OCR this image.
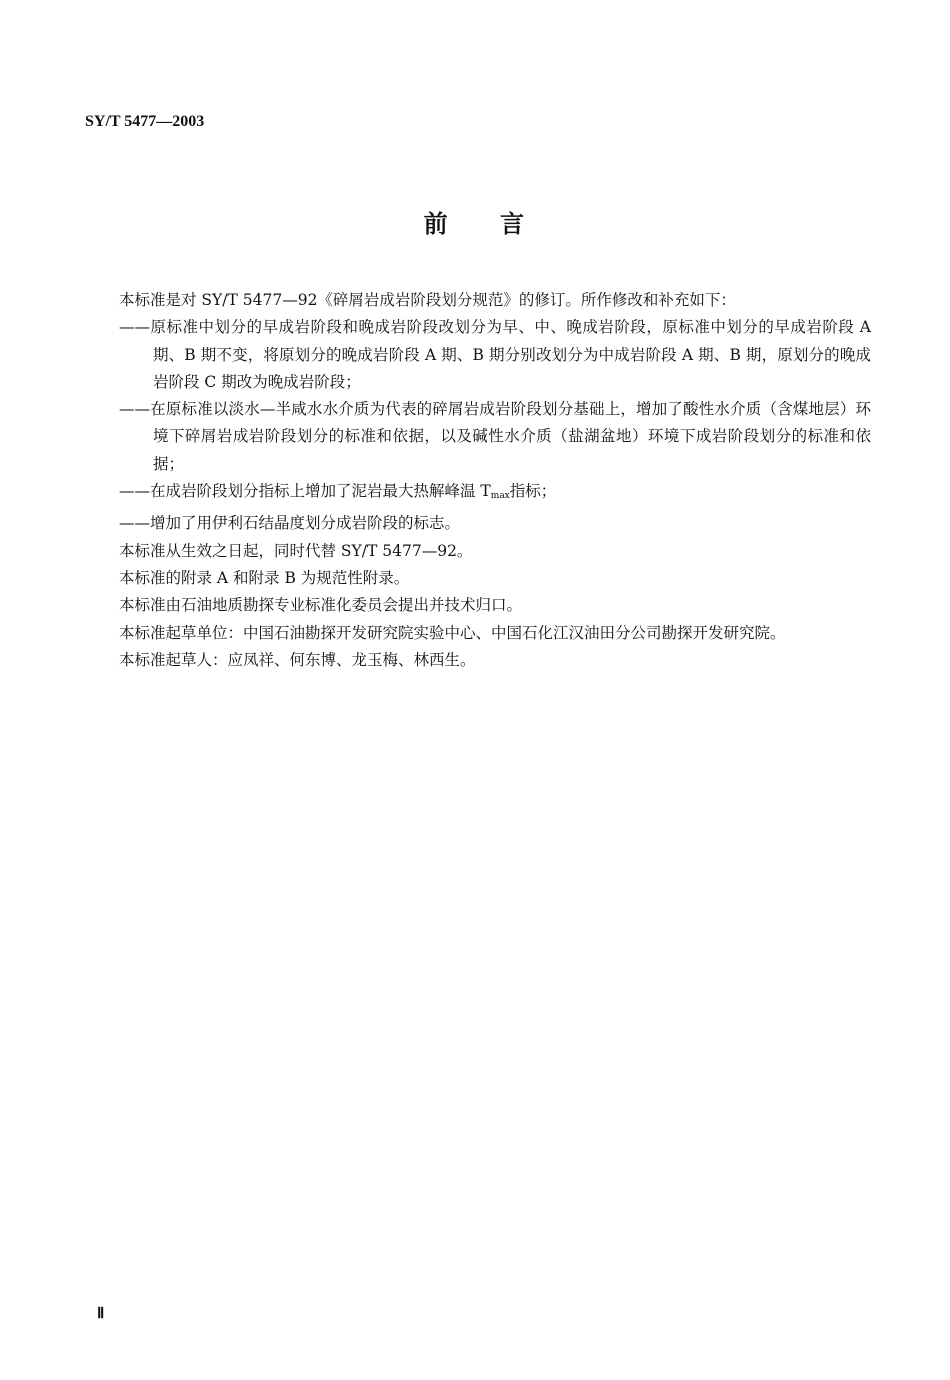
SY/T 5477—2003
前 言

本标准是对 SY/T 5477—92《碎屑岩成岩阶段划分规范》的修订。所作修改和补充如下：

——原标准中划分的早成岩阶段和晚成岩阶段改划分为早、中、晚成岩阶段，原标准中划分的早成岩阶段 A 期、B 期不变，将原划分的晚成岩阶段 A 期、B 期分别改划分为中成岩阶段 A 期、B 期，原划分的晚成岩阶段 C 期改为晚成岩阶段；

——在原标准以淡水—半咸水水介质为代表的碎屑岩成岩阶段划分基础上，增加了酸性水介质（含煤地层）环境下碎屑岩成岩阶段划分的标准和依据，以及碱性水介质（盐湖盆地）环境下成岩阶段划分的标准和依据；

——在成岩阶段划分指标上增加了泥岩最大热解峰温 $T_{max}$指标；

——增加了用伊利石结晶度划分成岩阶段的标志。

本标准从生效之日起，同时代替 SY/T 5477—92。

本标准的附录 A 和附录 B 为规范性附录。

本标准由石油地质勘探专业标准化委员会提出并技术归口。

本标准起草单位：中国石油勘探开发研究院实验中心、中国石化江汉油田分公司勘探开发研究院。

本标准起草人：应凤祥、何东博、龙玉梅、林西生。

Ⅱ
